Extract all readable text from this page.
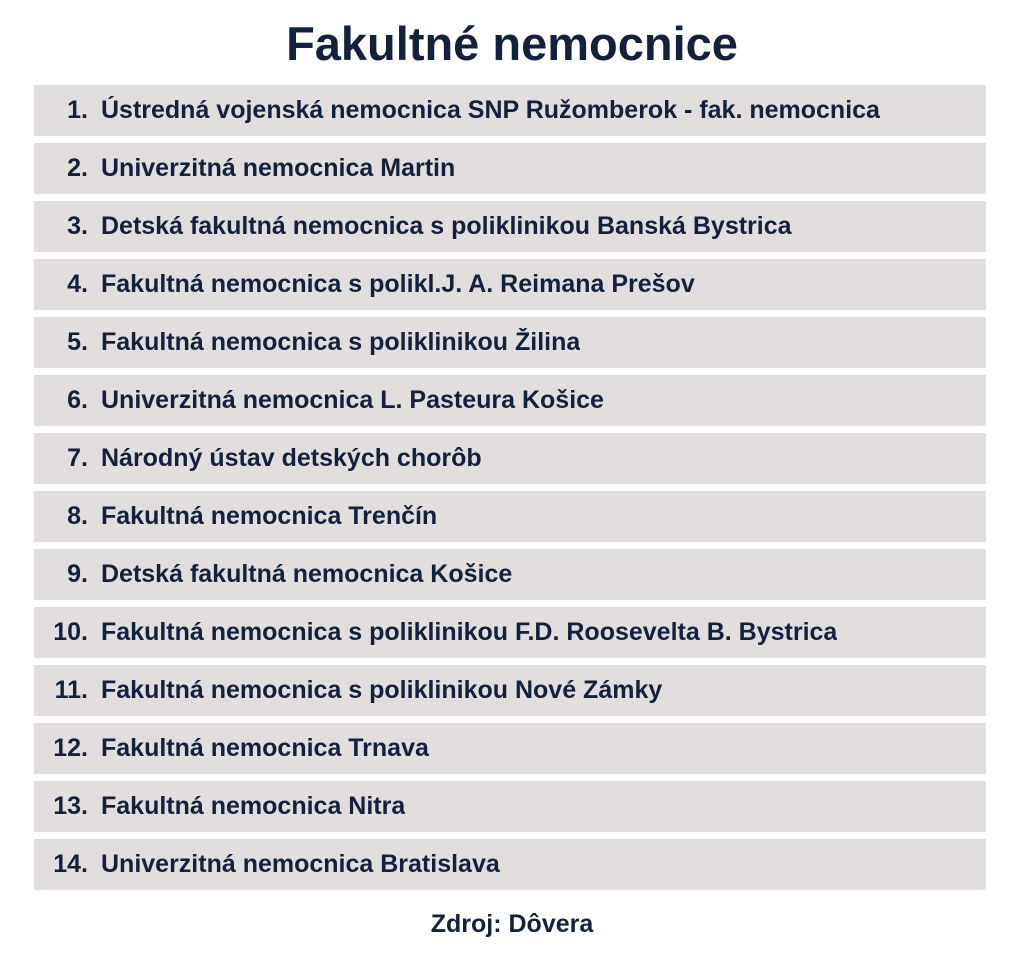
Fakultné nemocnice
1. Ústredná vojenská nemocnica SNP Ružomberok - fak. nemocnica
2. Univerzitná nemocnica Martin
3. Detská fakultná nemocnica s poliklinikou Banská Bystrica
4. Fakultná nemocnica s polikl.J. A. Reimana Prešov
5. Fakultná nemocnica s poliklinikou Žilina
6. Univerzitná nemocnica L. Pasteura Košice
7. Národný ústav detských chorôb
8. Fakultná nemocnica Trenčín
9. Detská fakultná nemocnica Košice
10. Fakultná nemocnica s poliklinikou F.D. Roosevelta B. Bystrica
11. Fakultná nemocnica s poliklinikou Nové Zámky
12. Fakultná nemocnica Trnava
13. Fakultná nemocnica Nitra
14. Univerzitná nemocnica Bratislava
Zdroj: Dôvera
